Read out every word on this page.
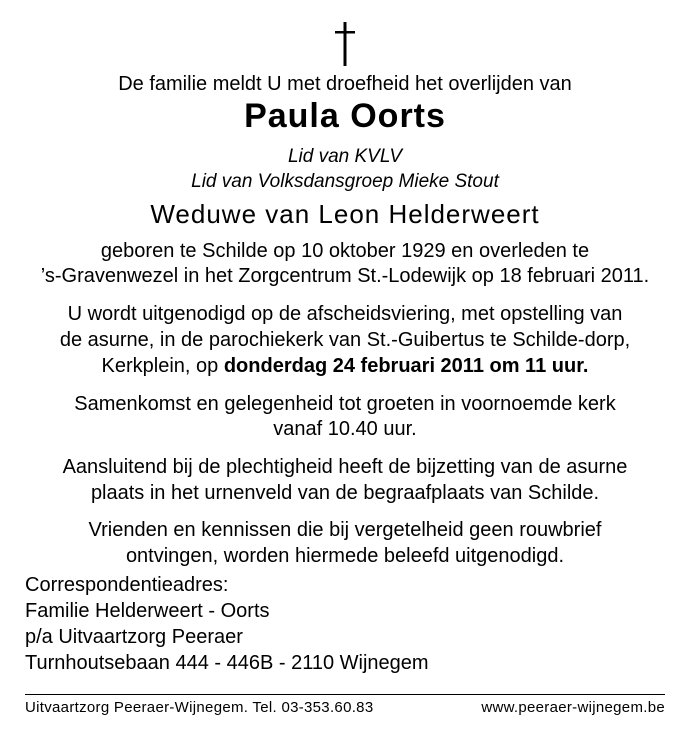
De familie meldt U met droefheid het overlijden van
Paula Oorts
Lid van KVLV
Lid van Volksdansgroep Mieke Stout
Weduwe van Leon Helderweert
geboren te Schilde op 10 oktober 1929 en overleden te
’s-Gravenwezel in het Zorgcentrum St.-Lodewijk op 18 februari 2011.
U wordt uitgenodigd op de afscheidsviering, met opstelling van
de asurne, in de parochiekerk van St.-Guibertus te Schilde-dorp,
Kerkplein, op donderdag 24 februari 2011 om 11 uur.
Samenkomst en gelegenheid tot groeten in voornoemde kerk
vanaf 10.40 uur.
Aansluitend bij de plechtigheid heeft de bijzetting van de asurne
plaats in het urnenveld van de begraafplaats van Schilde.
Vrienden en kennissen die bij vergetelheid geen rouwbrief
ontvingen, worden hiermede beleefd uitgenodigd.
Correspondentieadres:
Familie Helderweert - Oorts
p/a Uitvaartzorg Peeraer
Turnhoutsebaan 444 - 446B - 2110 Wijnegem
Uitvaartzorg Peeraer-Wijnegem. Tel. 03-353.60.83	www.peeraer-wijnegem.be
